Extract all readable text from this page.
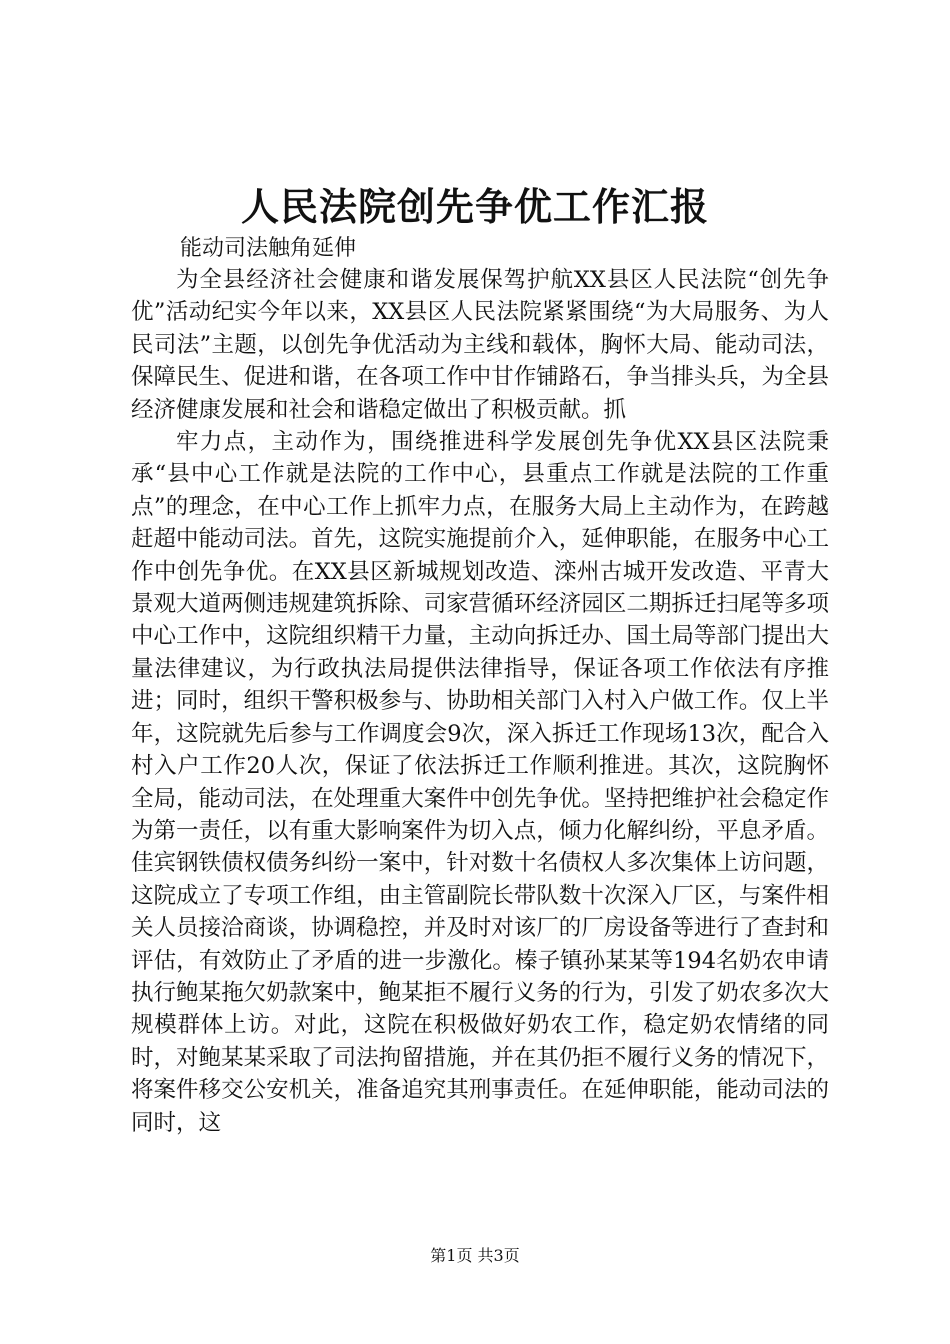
人民法院创先争优工作汇报
能动司法触角延伸

为全县经济社会健康和谐发展保驾护航XX县区人民法院“创先争优”活动纪实今年以来，XX县区人民法院紧紧围绕“为大局服务、为人民司法”主题，以创先争优活动为主线和载体，胸怀大局、能动司法，保障民生、促进和谐，在各项工作中甘作铺路石，争当排头兵，为全县经济健康发展和社会和谐稳定做出了积极贡献。抓

牢力点，主动作为，围绕推进科学发展创先争优XX县区法院秉承“县中心工作就是法院的工作中心，县重点工作就是法院的工作重点”的理念，在中心工作上抓牢力点，在服务大局上主动作为，在跨越赶超中能动司法。首先，这院实施提前介入，延伸职能，在服务中心工作中创先争优。在XX县区新城规划改造、滦州古城开发改造、平青大景观大道两侧违规建筑拆除、司家营循环经济园区二期拆迁扫尾等多项中心工作中，这院组织精干力量，主动向拆迁办、国土局等部门提出大量法律建议，为行政执法局提供法律指导，保证各项工作依法有序推进；同时，组织干警积极参与、协助相关部门入村入户做工作。仅上半年，这院就先后参与工作调度会9次，深入拆迁工作现场13次，配合入村入户工作20人次，保证了依法拆迁工作顺利推进。其次，这院胸怀全局，能动司法，在处理重大案件中创先争优。坚持把维护社会稳定作为第一责任，以有重大影响案件为切入点，倾力化解纠纷，平息矛盾。佳宾钢铁债权债务纠纷一案中，针对数十名债权人多次集体上访问题，这院成立了专项工作组，由主管副院长带队数十次深入厂区，与案件相关人员接洽商谈，协调稳控，并及时对该厂的厂房设备等进行了查封和评估，有效防止了矛盾的进一步激化。榛子镇孙某某等194名奶农申请执行鲍某拖欠奶款案中，鲍某拒不履行义务的行为，引发了奶农多次大规模群体上访。对此，这院在积极做好奶农工作，稳定奶农情绪的同时，对鲍某某采取了司法拘留措施，并在其仍拒不履行义务的情况下，将案件移交公安机关，准备追究其刑事责任。在延伸职能，能动司法的同时，这

第1页 共3页
